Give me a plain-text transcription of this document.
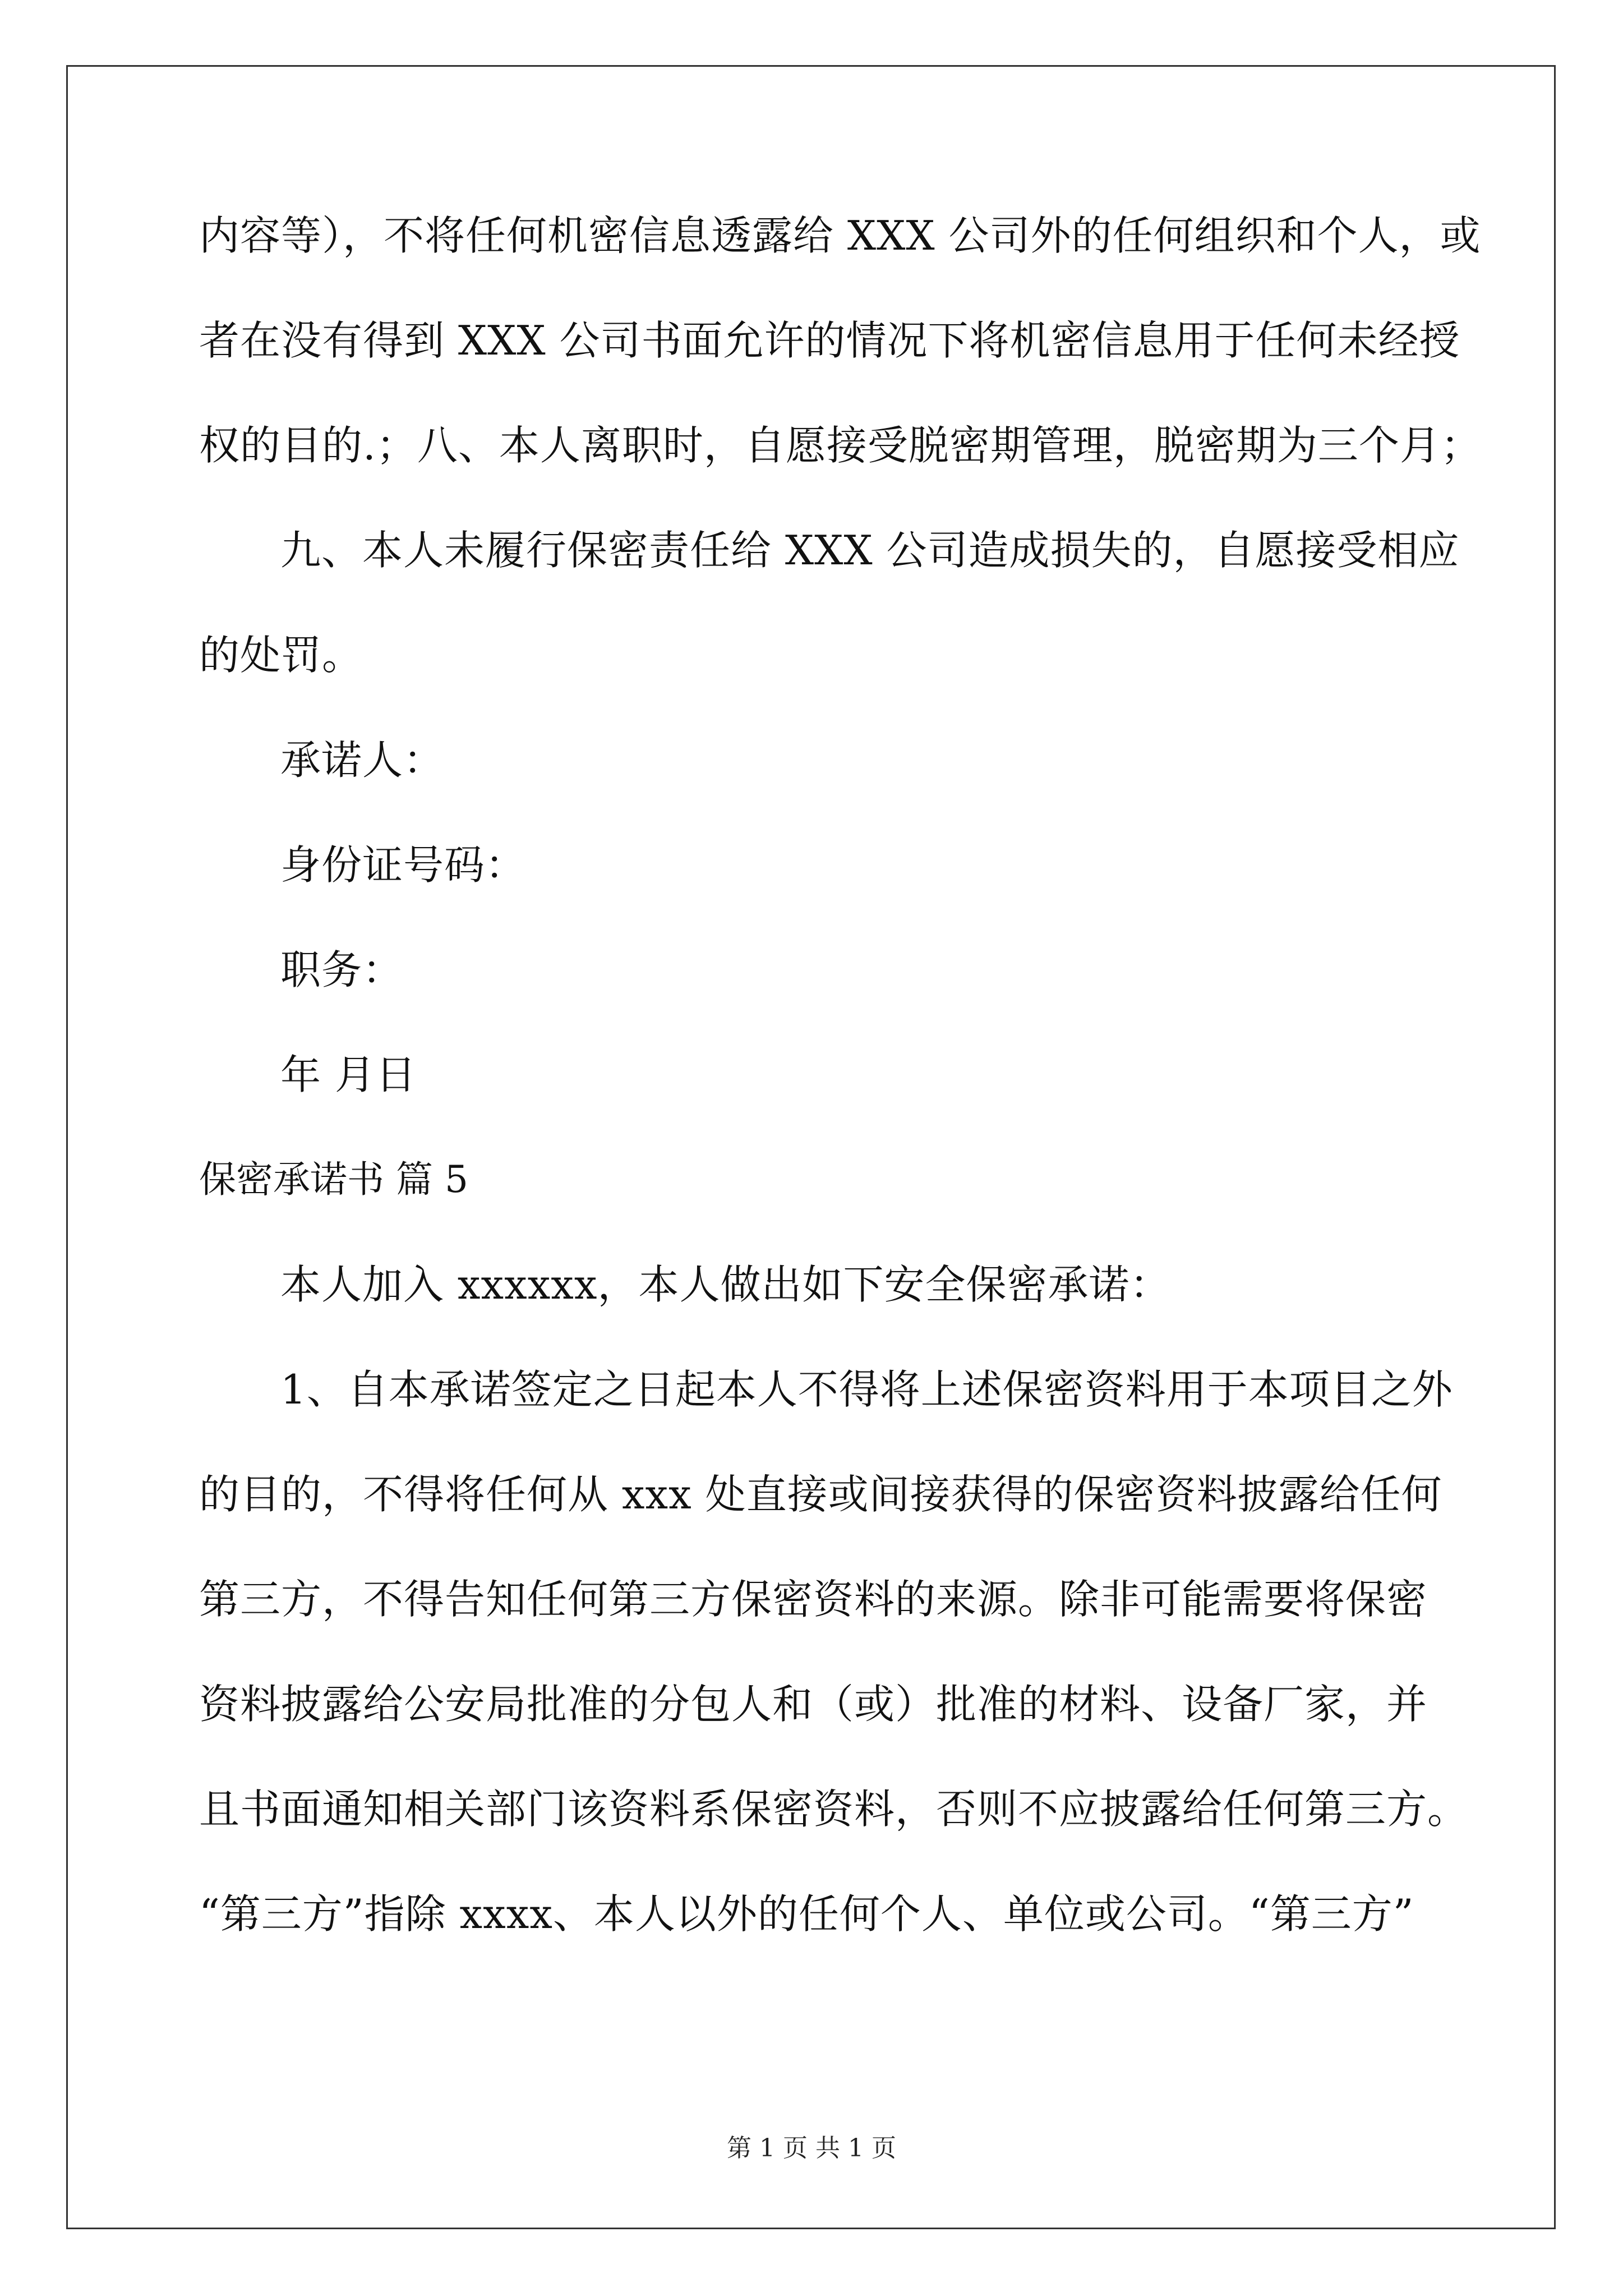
内容等），不将任何机密信息透露给 XXX 公司外的任何组织和个人，或
者在没有得到 XXX 公司书面允许的情况下将机密信息用于任何未经授
权的目的.；八、本人离职时，自愿接受脱密期管理，脱密期为三个月；
九、本人未履行保密责任给 XXX 公司造成损失的，自愿接受相应
的处罚。
承诺人：
身份证号码：
职务：
年 月日
保密承诺书 篇 5
本人加入 xxxxxx，本人做出如下安全保密承诺：
1、自本承诺签定之日起本人不得将上述保密资料用于本项目之外
的目的，不得将任何从 xxx 处直接或间接获得的保密资料披露给任何
第三方，不得告知任何第三方保密资料的来源。除非可能需要将保密
资料披露给公安局批准的分包人和（或）批准的材料、设备厂家，并
且书面通知相关部门该资料系保密资料，否则不应披露给任何第三方。
“第三方”指除 xxxx、本人以外的任何个人、单位或公司。“第三方”
第 1 页 共 1 页
